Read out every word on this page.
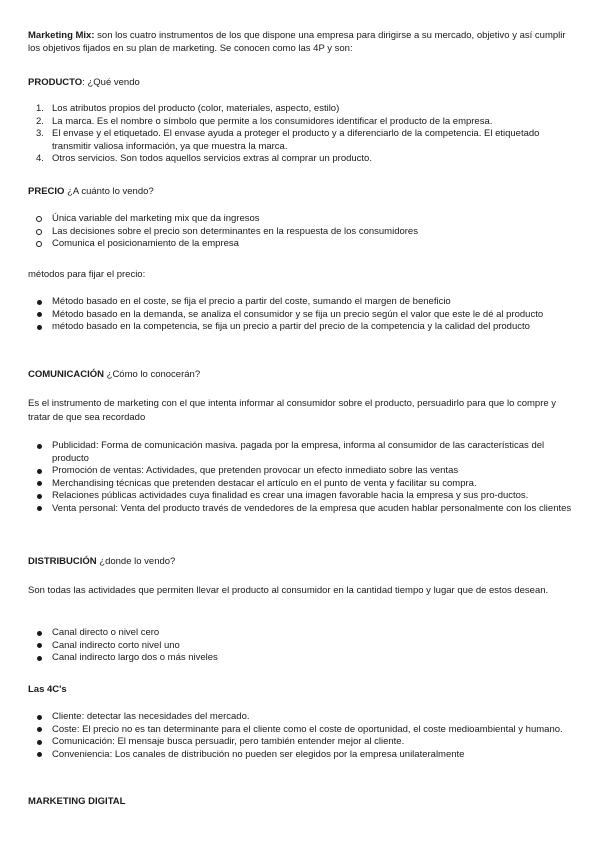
Marketing Mix: son los cuatro instrumentos de los que dispone una empresa para dirigirse a su mercado, objetivo y así cumplir los objetivos fijados en su plan de marketing. Se conocen como las 4P y son:

PRODUCTO: ¿Qué vendo

1. Los atributos propios del producto (color, materiales, aspecto, estilo)
2. La marca. Es el nombre o símbolo que permite a los consumidores identificar el producto de la empresa.
3. El envase y el etiquetado. El envase ayuda a proteger el producto y a diferenciarlo de la competencia. El etiquetado transmitir valiosa información, ya que muestra la marca.
4. Otros servicios. Son todos aquellos servicios extras al comprar un producto.

PRECIO ¿A cuánto lo vendo?

Única variable del marketing mix que da ingresos
Las decisiones sobre el precio son determinantes en la respuesta de los consumidores
Comunica el posicionamiento de la empresa

métodos para fijar el precio:

Método basado en el coste, se fija el precio a partir del coste, sumando el margen de beneficio
Método basado en la demanda, se analiza el consumidor y se fija un precio según el valor que este le dé al producto
método basado en la competencia, se fija un precio a partir del precio de la competencia y la calidad del producto

COMUNICACIÓN ¿Cómo lo conocerán?

Es el instrumento de marketing con el que intenta informar al consumidor sobre el producto, persuadirlo para que lo compre y tratar de que sea recordado

Publicidad: Forma de comunicación masiva. pagada por la empresa, informa al consumidor de las características del producto
Promoción de ventas: Actividades, que pretenden provocar un efecto inmediato sobre las ventas
Merchandising técnicas que pretenden destacar el artículo en el punto de venta y facilitar su compra.
Relaciones públicas actividades cuya finalidad es crear una imagen favorable hacia la empresa y sus pro-ductos.
Venta personal: Venta del producto través de vendedores de la empresa que acuden hablar personalmente con los clientes

DISTRIBUCIÓN ¿donde lo vendo?

Son todas las actividades que permiten llevar el producto al consumidor en la cantidad tiempo y lugar que de estos desean.

Canal directo o nivel cero
Canal indirecto corto nivel uno
Canal indirecto largo dos o más niveles

Las 4C's

Cliente: detectar las necesidades del mercado.
Coste: El precio no es tan determinante para el cliente como el coste de oportunidad, el coste medioambiental y humano.
Comunicación: El mensaje busca persuadir, pero también entender mejor al cliente.
Conveniencia: Los canales de distribución no pueden ser elegidos por la empresa unilateralmente

MARKETING DIGITAL
